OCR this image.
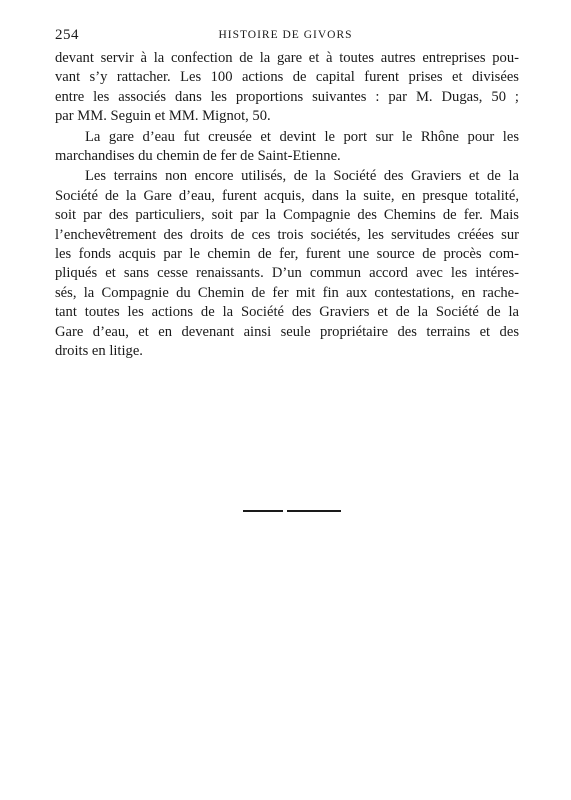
254	HISTOIRE DE GIVORS
devant servir à la confection de la gare et à toutes autres entreprises pou-
vant s’y rattacher. Les 100 actions de capital furent prises et divisées
entre les associés dans les proportions suivantes : par M. Dugas, 50 ;
par MM. Seguin et MM. Mignot, 50.
La gare d’eau fut creusée et devint le port sur le Rhône pour les
marchandises du chemin de fer de Saint-Etienne.
Les terrains non encore utilisés, de la Société des Graviers et de la
Société de la Gare d’eau, furent acquis, dans la suite, en presque totalité,
soit par des particuliers, soit par la Compagnie des Chemins de fer. Mais
l’enchevêtrement des droits de ces trois sociétés, les servitudes créées sur
les fonds acquis par le chemin de fer, furent une source de procès com-
pliqués et sans cesse renaissants. D’un commun accord avec les intéres-
sés, la Compagnie du Chemin de fer mit fin aux contestations, en rache-
tant toutes les actions de la Société des Graviers et de la Société de la
Gare d’eau, et en devenant ainsi seule propriétaire des terrains et des
droits en litige.
